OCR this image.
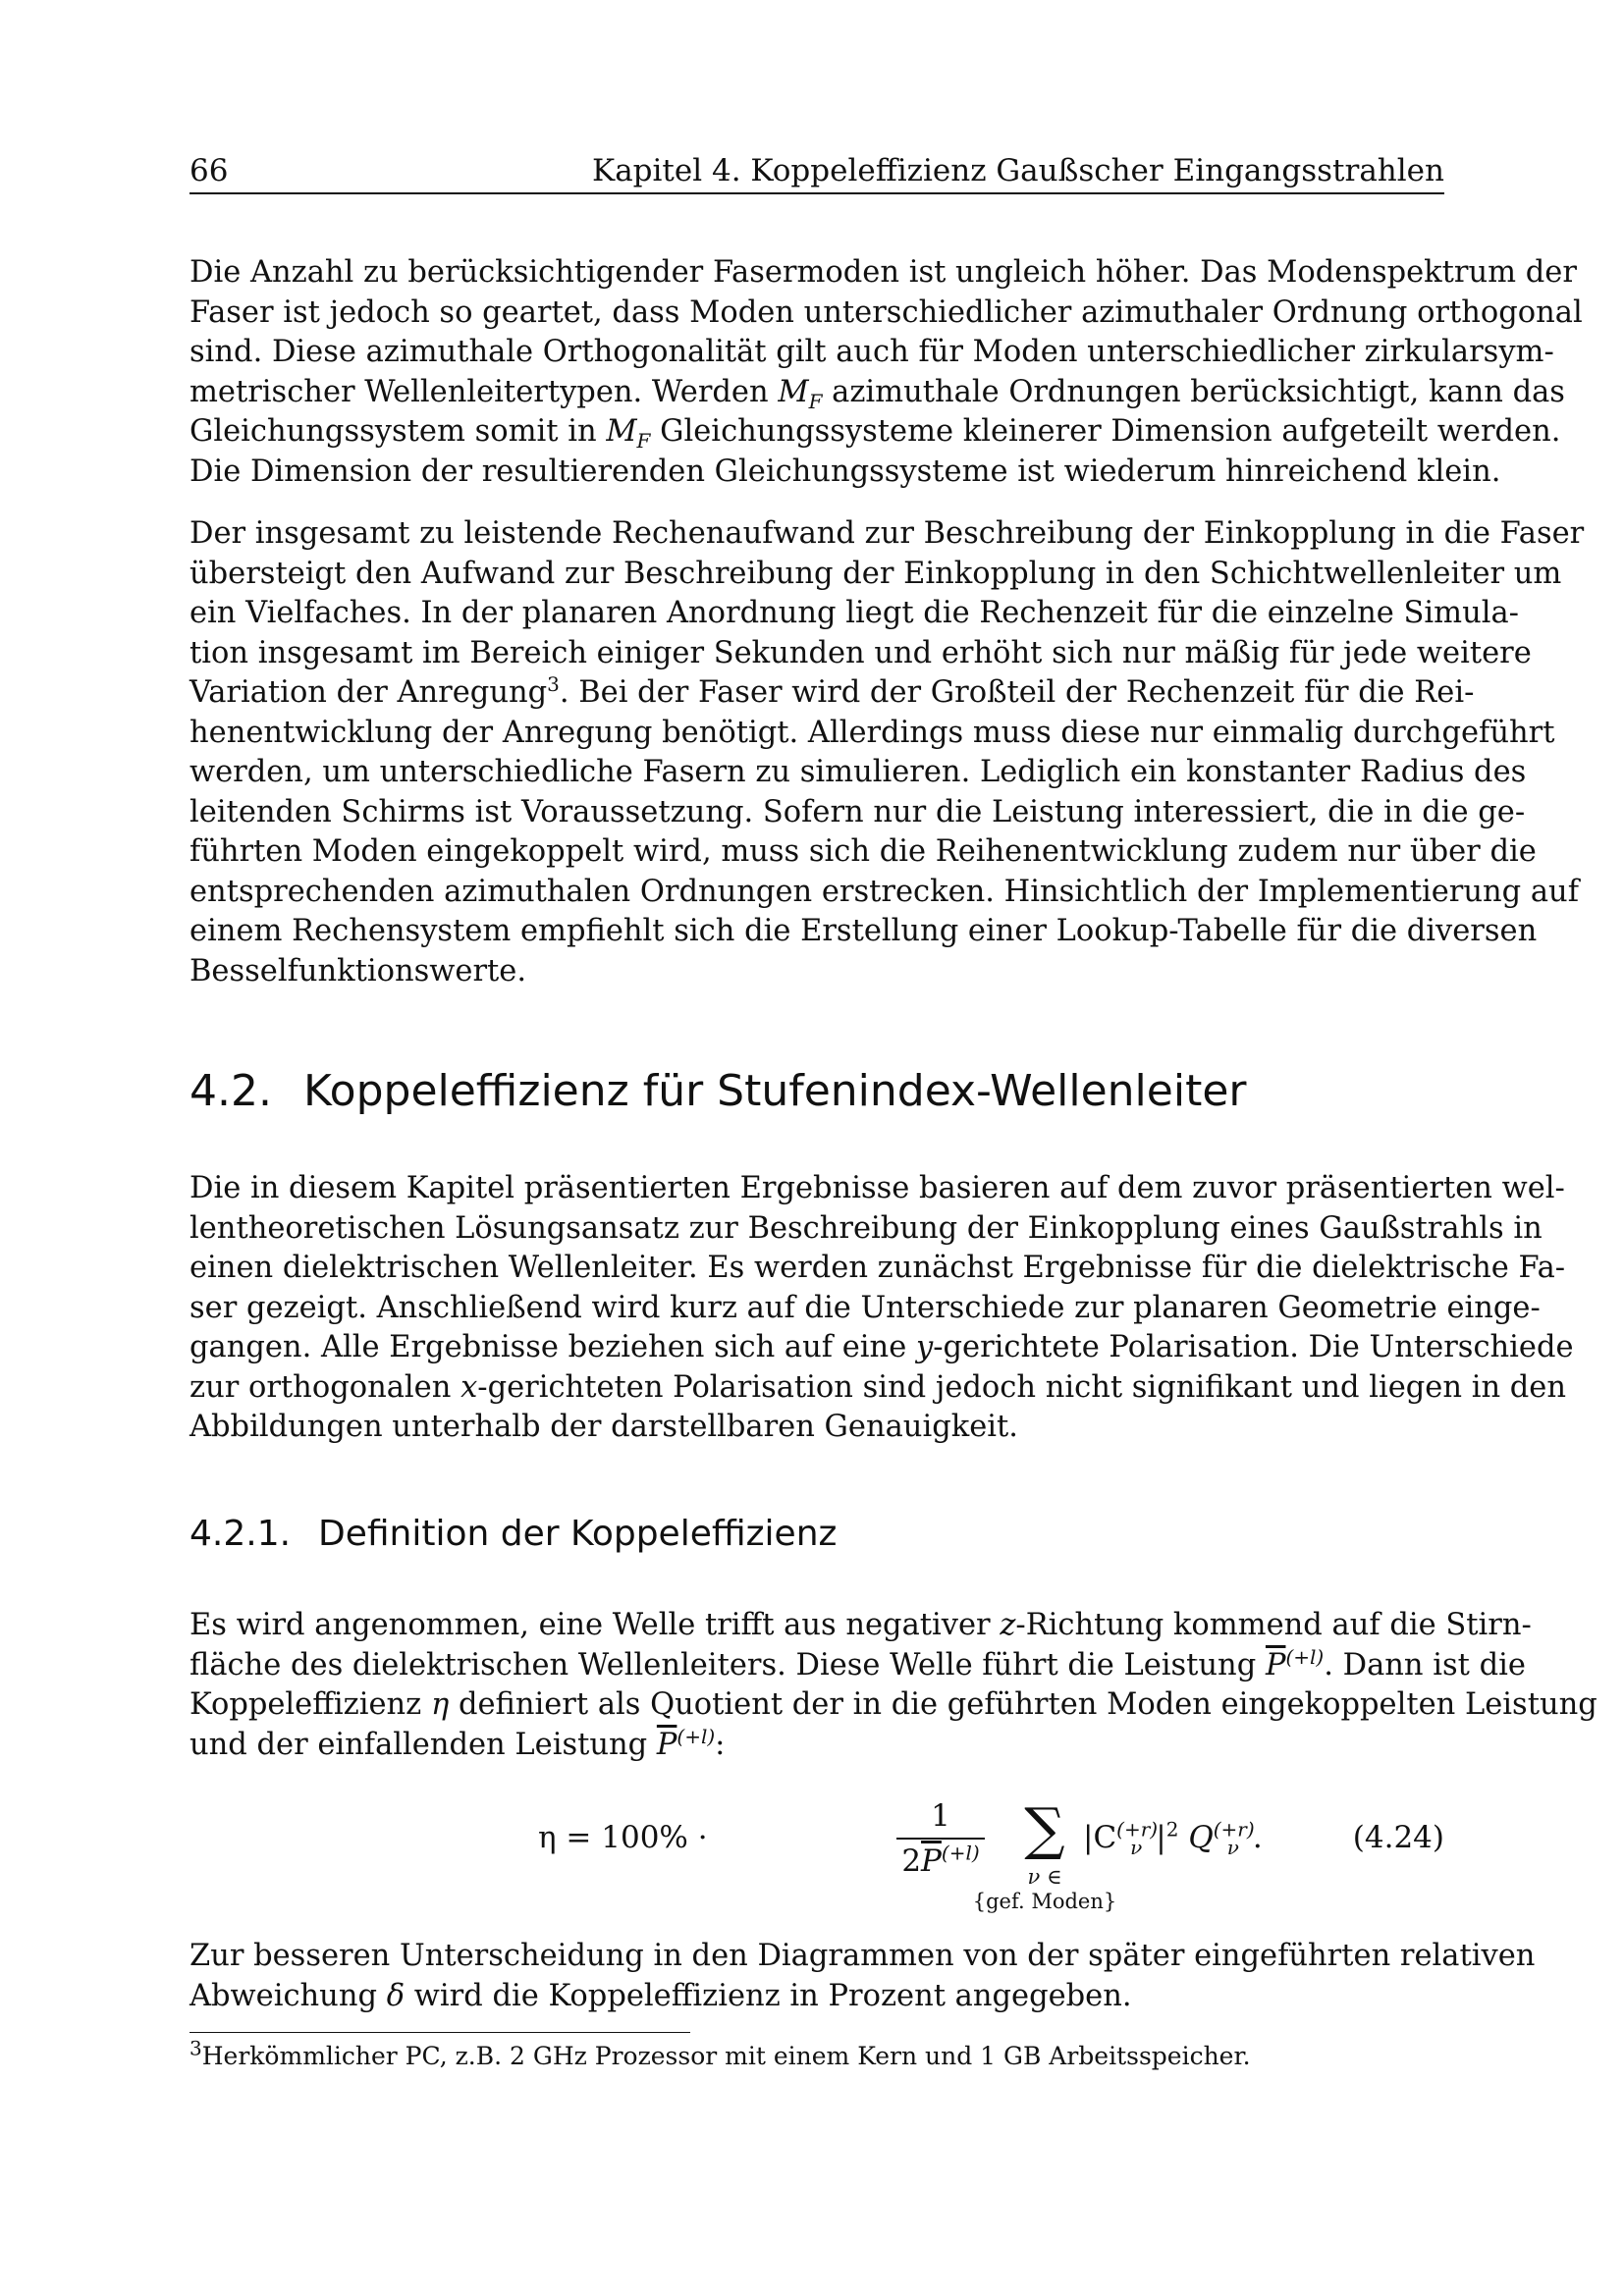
66	Kapitel 4. Koppeleffizienz Gaußscher Eingangsstrahlen
Die Anzahl zu berücksichtigender Fasermoden ist ungleich höher. Das Modenspektrum der
Faser ist jedoch so geartet, dass Moden unterschiedlicher azimuthaler Ordnung orthogonal
sind. Diese azimuthale Orthogonalität gilt auch für Moden unterschiedlicher zirkularsym-
metrischer Wellenleitertypen. Werden $M_F$ azimuthale Ordnungen berücksichtigt, kann das
Gleichungssystem somit in $M_F$ Gleichungssysteme kleinerer Dimension aufgeteilt werden.
Die Dimension der resultierenden Gleichungssysteme ist wiederum hinreichend klein.
Der insgesamt zu leistende Rechenaufwand zur Beschreibung der Einkopplung in die Faser
übersteigt den Aufwand zur Beschreibung der Einkopplung in den Schichtwellenleiter um
ein Vielfaches. In der planaren Anordnung liegt die Rechenzeit für die einzelne Simula-
tion insgesamt im Bereich einiger Sekunden und erhöht sich nur mäßig für jede weitere
Variation der Anregung$^3$. Bei der Faser wird der Großteil der Rechenzeit für die Rei-
henentwicklung der Anregung benötigt. Allerdings muss diese nur einmalig durchgeführt
werden, um unterschiedliche Fasern zu simulieren. Lediglich ein konstanter Radius des
leitenden Schirms ist Voraussetzung. Sofern nur die Leistung interessiert, die in die ge-
führten Moden eingekoppelt wird, muss sich die Reihenentwicklung zudem nur über die
entsprechenden azimuthalen Ordnungen erstrecken. Hinsichtlich der Implementierung auf
einem Rechensystem empfiehlt sich die Erstellung einer Lookup-Tabelle für die diversen
Besselfunktionswerte.
4.2. Koppeleffizienz für Stufenindex-Wellenleiter
Die in diesem Kapitel präsentierten Ergebnisse basieren auf dem zuvor präsentierten wel-
lentheoretischen Lösungsansatz zur Beschreibung der Einkopplung eines Gaußstrahls in
einen dielektrischen Wellenleiter. Es werden zunächst Ergebnisse für die dielektrische Fa-
ser gezeigt. Anschließend wird kurz auf die Unterschiede zur planaren Geometrie einge-
gangen. Alle Ergebnisse beziehen sich auf eine y-gerichtete Polarisation. Die Unterschiede
zur orthogonalen x-gerichteten Polarisation sind jedoch nicht signifikant und liegen in den
Abbildungen unterhalb der darstellbaren Genauigkeit.
4.2.1. Definition der Koppeleffizienz
Es wird angenommen, eine Welle trifft aus negativer z-Richtung kommend auf die Stirn-
fläche des dielektrischen Wellenleiters. Diese Welle führt die Leistung $\overline{P}^{(+l)}$. Dann ist die
Koppeleffizienz η definiert als Quotient der in die geführten Moden eingekoppelten Leistung
und der einfallenden Leistung $\overline{P}^{(+l)}$:
η = 100% ·	$\frac{1}{2\overline{P}^{(+l)}}$ ∑
ν ∈
{gef. Moden}
$|C^{(+r)}_\nu$ $|^2$ $Q^{(+r)}_\nu$ .	(4.24)
Zur besseren Unterscheidung in den Diagrammen von der später eingeführten relativen
Abweichung δ wird die Koppeleffizienz in Prozent angegeben.
$^3$Herkömmlicher PC, z.B. 2 GHz Prozessor mit einem Kern und 1 GB Arbeitsspeicher.
